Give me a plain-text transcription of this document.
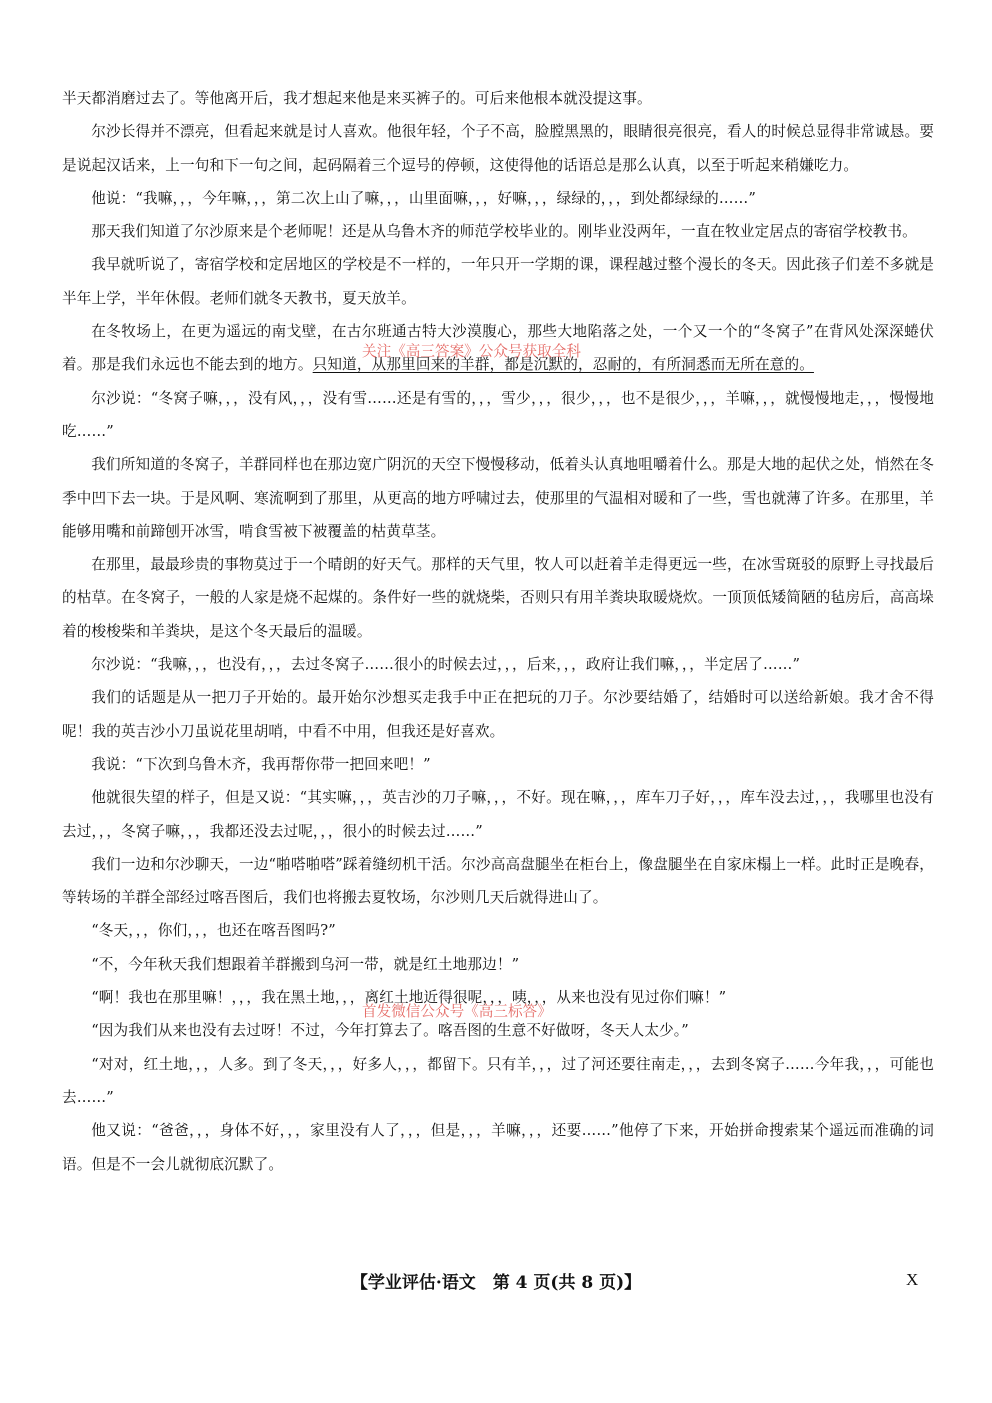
半天都消磨过去了。等他离开后，我才想起来他是来买裤子的。可后来他根本就没提这事。

尔沙长得并不漂亮，但看起来就是讨人喜欢。他很年轻，个子不高，脸膛黑黑的，眼睛很亮很亮，看人的时候总显得非常诚恳。要是说起汉话来，上一句和下一句之间，起码隔着三个逗号的停顿，这使得他的话语总是那么认真，以至于听起来稍嫌吃力。

他说：“我嘛，，，今年嘛，，，第二次上山了嘛，，，山里面嘛，，，好嘛，，，绿绿的，，，到处都绿绿的……”

那天我们知道了尔沙原来是个老师呢！还是从乌鲁木齐的师范学校毕业的。刚毕业没两年，一直在牧业定居点的寄宿学校教书。

我早就听说了，寄宿学校和定居地区的学校是不一样的，一年只开一学期的课，课程越过整个漫长的冬天。因此孩子们差不多就是半年上学，半年休假。老师们就冬天教书，夏天放羊。

在冬牧场上，在更为遥远的南戈壁，在古尔班通古特大沙漠腹心，那些大地陷落之处，一个又一个的“冬窝子”在背风处深深蜷伏着。那是我们永远也不能去到的地方。只知道，从那里回来的羊群，都是沉默的，忍耐的，有所洞悉而无所在意的。

尔沙说：“冬窝子嘛，，，没有风，，，没有雪……还是有雪的，，，雪少，，，很少，，，也不是很少，，，羊嘛，，，就慢慢地走，，，慢慢地吃……”

我们所知道的冬窝子，羊群同样也在那边宽广阴沉的天空下慢慢移动，低着头认真地咀嚼着什么。那是大地的起伏之处，悄然在冬季中凹下去一块。于是风啊、寒流啊到了那里，从更高的地方呼啸过去，使那里的气温相对暖和了一些，雪也就薄了许多。在那里，羊能够用嘴和前蹄刨开冰雪，啃食雪被下被覆盖的枯黄草茎。

在那里，最最珍贵的事物莫过于一个晴朗的好天气。那样的天气里，牧人可以赶着羊走得更远一些，在冰雪斑驳的原野上寻找最后的枯草。在冬窝子，一般的人家是烧不起煤的。条件好一些的就烧柴，否则只有用羊粪块取暖烧炊。一顶顶低矮简陋的毡房后，高高垛着的梭梭柴和羊粪块，是这个冬天最后的温暖。

尔沙说：“我嘛，，，也没有，，，去过冬窝子……很小的时候去过，，，后来，，，政府让我们嘛，，，半定居了……”

我们的话题是从一把刀子开始的。最开始尔沙想买走我手中正在把玩的刀子。尔沙要结婚了，结婚时可以送给新娘。我才舍不得呢！我的英吉沙小刀虽说花里胡哨，中看不中用，但我还是好喜欢。

我说：“下次到乌鲁木齐，我再帮你带一把回来吧！”

他就很失望的样子，但是又说：“其实嘛，，，英吉沙的刀子嘛，，，不好。现在嘛，，，库车刀子好，，，库车没去过，，，我哪里也没有去过，，，冬窝子嘛，，，我都还没去过呢，，，很小的时候去过……”

我们一边和尔沙聊天，一边“啪嗒啪嗒”踩着缝纫机干活。尔沙高高盘腿坐在柜台上，像盘腿坐在自家床榻上一样。此时正是晚春，等转场的羊群全部经过喀吾图后，我们也将搬去夏牧场，尔沙则几天后就得进山了。

“冬天，，，你们，，，也还在喀吾图吗?”

“不，今年秋天我们想跟着羊群搬到乌河一带，就是红土地那边！”

“啊！我也在那里嘛！，，，我在黑土地，，，离红土地近得很呢，，，咦，，，从来也没有见过你们嘛！”

“因为我们从来也没有去过呀！不过，今年打算去了。喀吾图的生意不好做呀，冬天人太少。”

“对对，红土地，，，人多。到了冬天，，，好多人，，，都留下。只有羊，，，过了河还要往南走，，，去到冬窝子……今年我，，，可能也去……”

他又说：“爸爸，，，身体不好，，，家里没有人了，，，但是，，，羊嘛，，，还要……”他停了下来，开始拼命搜索某个遥远而准确的词语。但是不一会儿就彻底沉默了。

关注《高三答案》公众号获取全科
首发微信公众号《高三标答》
【学业评估·语文　第 4 页(共 8 页)】	X
